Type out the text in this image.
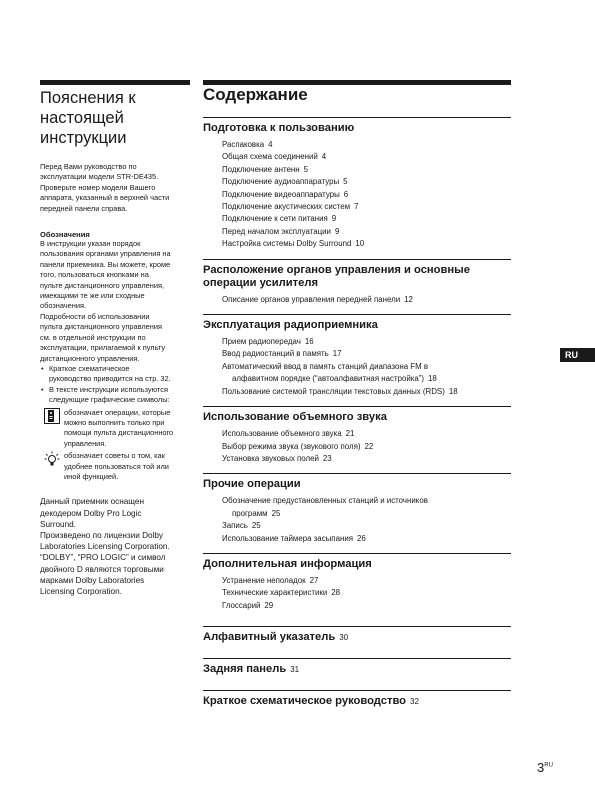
Пояснения к настоящей инструкции
Перед Вами руководство по
эксплуатации модели STR-DE435.
Проверьте номер модели Вашего
аппарата, указанный в верхней части
передней панели справа.
Обозначения
В инструкции указан порядок
пользования органами управления на
панели приемника. Вы можете, кроме
того, пользоваться кнопками на
пульте дистанционного управления,
имеющими те же или сходные
обозначения.
Подробности об использовании
пульта дистанционного управления
см. в отдельной инструкции по
эксплуатации, прилагаемой к пульту
дистанционного управления.
• Краткое схематическое
руководство приводится на стр. 32.
• В тексте инструкции используются
следующие графические символы:
обозначает операции, которые
можно выполнить только при
помощи пульта дистанционного
управления.
обозначает советы о том, как
удобнее пользоваться той или
иной функцией.
Данный приемник оснащен
декодером Dolby Pro Logic
Surround.
Произведено по лицензии Dolby
Laboratories Licensing Corporation.
“DOLBY”, “PRO LOGIC” и символ
двойного D являются торговыми
марками Dolby Laboratories
Licensing Corporation.
Содержание
Подготовка к пользованию
Распаковка 4
Общая схема соединений 4
Подключение антенн 5
Подключение аудиоаппаратуры 5
Подключение видеоаппаратуры 6
Подключение акустических систем 7
Подключение к сети питания 9
Перед началом эксплуатации 9
Настройка системы Dolby Surround 10
Расположение органов управления и основные операции усилителя
Описание органов управления передней панели 12
Эксплуатация радиоприемника
Прием радиопередач 16
Ввод радиостанций в память 17
Автоматический ввод в память станций диапазона FM в
алфавитном порядке (“автоалфавитная настройка”) 18
Пользование системой трансляции текстовых данных (RDS) 18
Использование объемного звука
Использование объемного звука 21
Выбор режима звука (звукового поля) 22
Установка звуковых полей 23
Прочие операции
Обозначение предустановленных станций и источников
программ 25
Запись 25
Использование таймера засыпания 26
Дополнительная информация
Устранение неполадок 27
Технические характеристики 28
Глоссарий 29
Алфавитный указатель 30
Задняя панель 31
Краткое схематическое руководство 32
RU
$3^{RU}$
